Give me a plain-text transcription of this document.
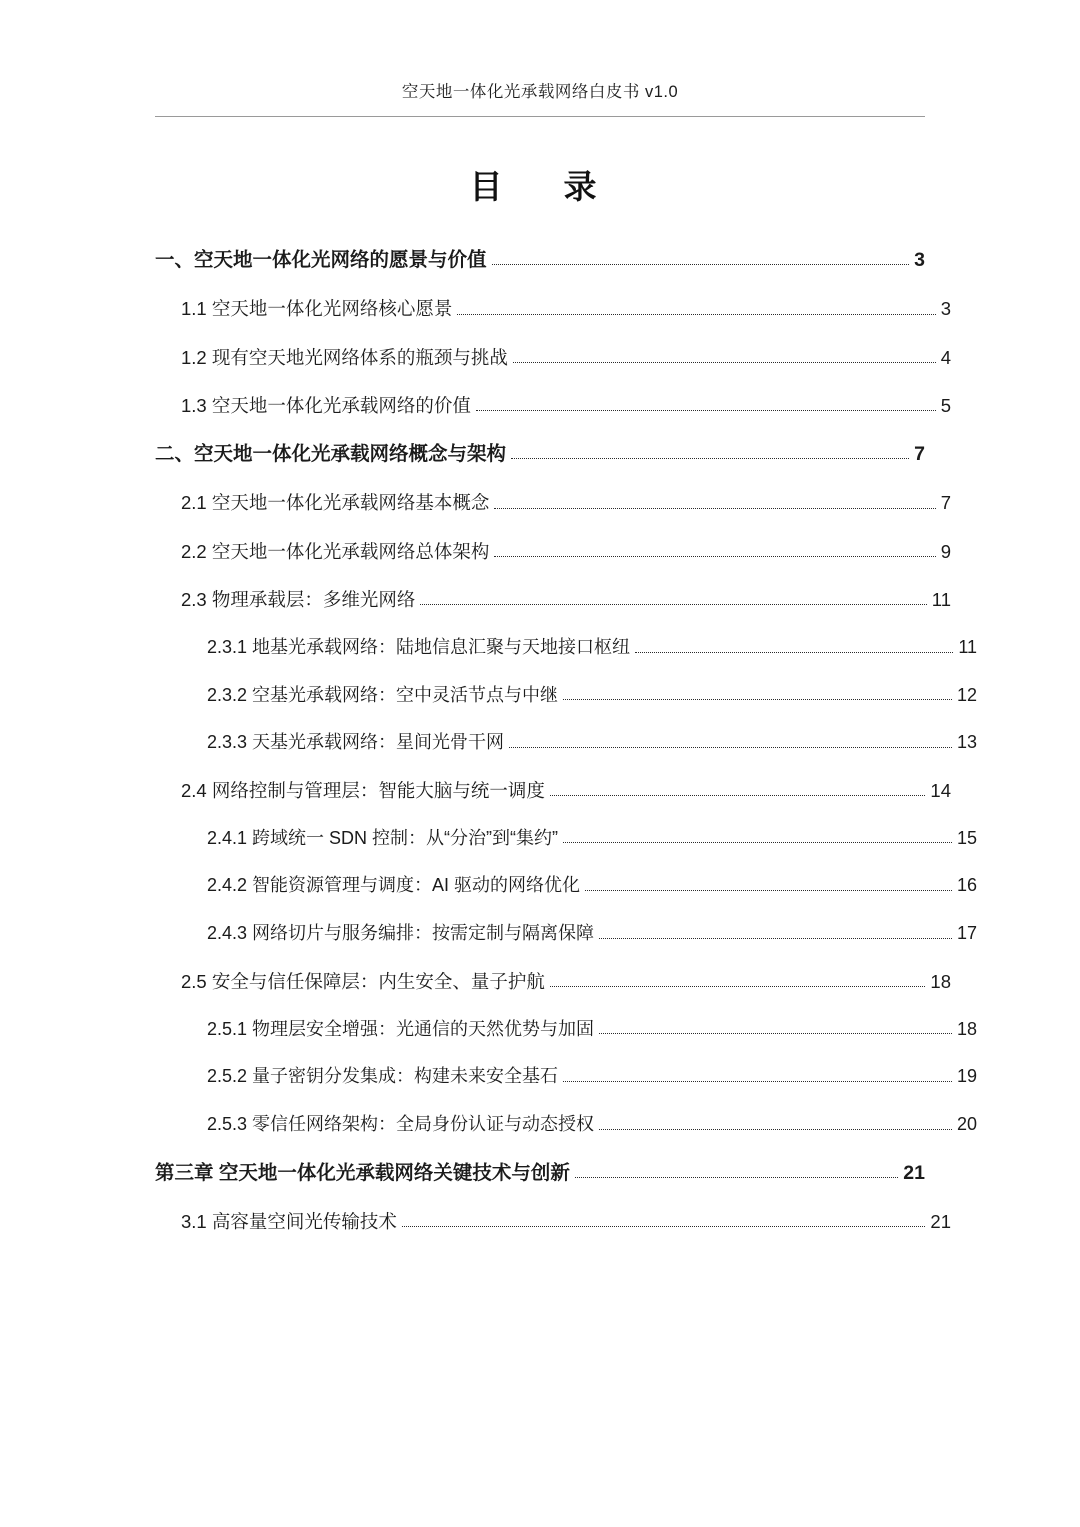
空天地一体化光承载网络白皮书 v1.0
目　录
一、空天地一体化光网络的愿景与价值	3
1.1 空天地一体化光网络核心愿景	3
1.2 现有空天地光网络体系的瓶颈与挑战	4
1.3 空天地一体化光承载网络的价值	5
二、空天地一体化光承载网络概念与架构	7
2.1 空天地一体化光承载网络基本概念	7
2.2 空天地一体化光承载网络总体架构	9
2.3 物理承载层：多维光网络	11
2.3.1 地基光承载网络：陆地信息汇聚与天地接口枢纽	11
2.3.2 空基光承载网络：空中灵活节点与中继	12
2.3.3 天基光承载网络：星间光骨干网	13
2.4 网络控制与管理层：智能大脑与统一调度	14
2.4.1 跨域统一 SDN 控制：从“分治”到“集约”	15
2.4.2 智能资源管理与调度：AI 驱动的网络优化	16
2.4.3 网络切片与服务编排：按需定制与隔离保障	17
2.5 安全与信任保障层：内生安全、量子护航	18
2.5.1 物理层安全增强：光通信的天然优势与加固	18
2.5.2 量子密钥分发集成：构建未来安全基石	19
2.5.3 零信任网络架构：全局身份认证与动态授权	20
第三章 空天地一体化光承载网络关键技术与创新	21
3.1 高容量空间光传输技术	21
